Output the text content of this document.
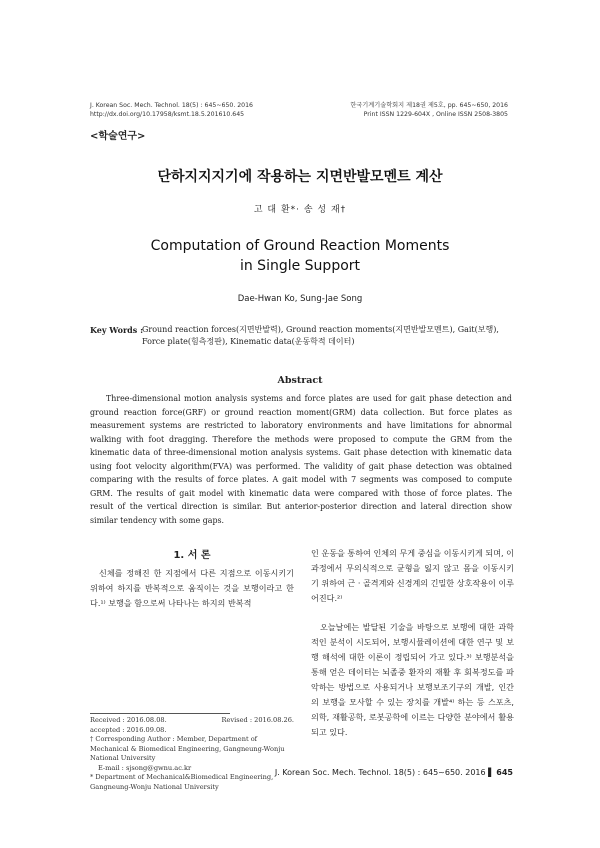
J. Korean Soc. Mech. Technol. 18(5) : 645~650. 2016
http://dx.doi.org/10.17958/ksmt.18.5.201610.645
한국기계기술학회지 제18권 제5호, pp. 645~650, 2016
Print ISSN 1229-604X , Online ISSN 2508-3805
<학술연구>
단하지지지기에 작용하는 지면반발모멘트 계산
고 대 환*· 송 성 재†
Computation of Ground Reaction Moments
in Single Support
Dae-Hwan Ko, Sung-Jae Song
Key Words :
Ground reaction forces(지면반발력), Ground reaction moments(지면반발모멘트), Gait(보행), Force plate(힘측정판), Kinematic data(운동학적 데이터)
Abstract

Three-dimensional motion analysis systems and force plates are used for gait phase detection and ground reaction force(GRF) or ground reaction moment(GRM) data collection. But force plates as measurement systems are restricted to laboratory environments and have limitations for abnormal walking with foot dragging. Therefore the methods were proposed to compute the GRM from the kinematic data of three-dimensional motion analysis systems. Gait phase detection with kinematic data using foot velocity algorithm(FVA) was performed. The validity of gait phase detection was obtained comparing with the results of force plates. A gait model with 7 segments was composed to compute GRM. The results of gait model with kinematic data were compared with those of force plates. The result of the vertical direction is similar. But anterior-posterior direction and lateral direction show similar tendency with some gaps.

1. 서 론

신체를 정해진 한 지점에서 다른 지점으로 이동시키기 위하여 하지를 반복적으로 움직이는 것을 보행이라고 한다.¹⁾ 보행을 함으로써 나타나는 하지의 반복적

인 운동을 통하여 인체의 무게 중심을 이동시키게 되며, 이 과정에서 무의식적으로 균형을 잃지 않고 몸을 이동시키기 위하여 근 · 골격계와 신경계의 긴밀한 상호작용이 이루어진다.²⁾

오늘날에는 발달된 기술을 바탕으로 보행에 대한 과학적인 분석이 시도되어, 보행시뮬레이션에 대한 연구 및 보행 해석에 대한 이론이 정립되어 가고 있다.³⁾ 보행분석을 통해 얻은 데이터는 뇌졸중 환자의 재활 후 회복정도를 파악하는 방법으로 사용되거나 보행보조기구의 개발, 인간의 보행을 모사할 수 있는 장치를 개발⁴⁾ 하는 등 스포츠, 의학, 재활공학, 로봇공학에 이르는 다양한 분야에서 활용되고 있다.

Received : 2016.08.08.	Revised : 2016.08.26.
accepted : 2016.09.08.
† Corresponding Author : Member, Department of Mechanical & Biomedical Engineering, Gangneung-Wonju National University
E-mail : sjsong@gwnu.ac.kr
* Department of Mechanical&Biomedical Engineering, Gangneung-Wonju National University
J. Korean Soc. Mech. Technol. 18(5) : 645~650. 2016 ▌ 645
